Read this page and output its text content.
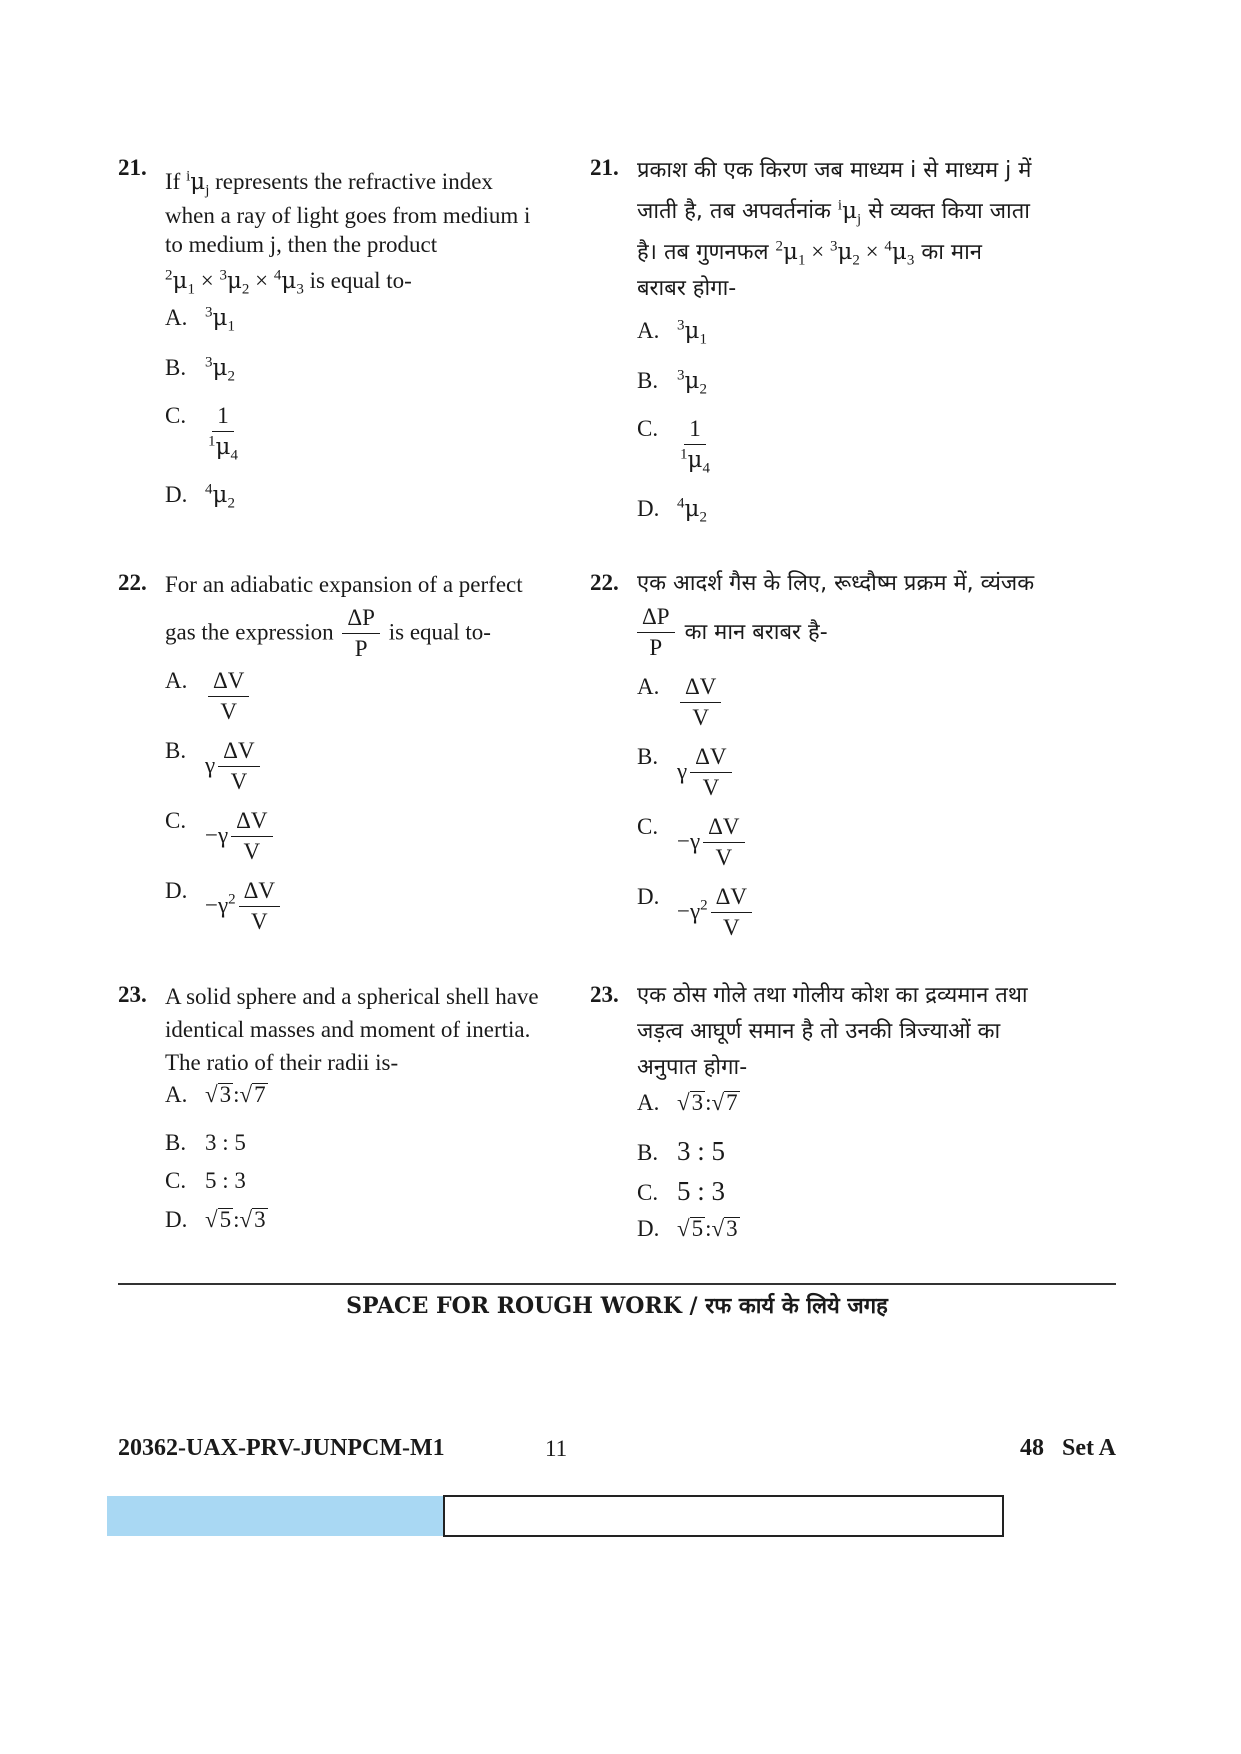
21.
If $^i\mu_j$ represents the refractive index
when a ray of light goes from medium i
to medium j, then the product
$^2\mu_1 \times ^3\mu_2 \times ^4\mu_3$ is equal to-
A. $^3\mu_1$
B. $^3\mu_2$
C. $\frac{1}{^1\mu_4}$
D. $^4\mu_2$
21. प्रकाश की एक किरण जब माध्यम i से माध्यम j में
जाती है, तब अपवर्तनांक $^i\mu_j$ से व्यक्त किया जाता
है। तब गुणनफल $^2\mu_1 \times ^3\mu_2 \times ^4\mu_3$ का मान
बराबर होगा-
A. $^3\mu_1$
B. $^3\mu_2$
C. $\frac{1}{^1\mu_4}$
D. $^4\mu_2$
22. For an adiabatic expansion of a perfect
gas the expression $\frac{\Delta P}{P}$ is equal to-
A. $\frac{\Delta V}{V}$
$B.\gamma \frac{\Delta V}{V}$
$C.-\gamma \frac{\Delta V}{V}$
$D.-\gamma^2 \frac{\Delta V}{V}$
22. एक आदर्श गैस के लिए, रूध्दौष्म प्रक्रम में, व्यंजक
$\frac{\Delta P}{P}$ का मान बराबर है-
A. $\frac{\Delta V}{V}$
$B.\gamma \frac{\Delta V}{V}$
$C.-\gamma \frac{\Delta V}{V}$
$D.-\gamma^2 \frac{\Delta V}{V}$
23. A solid sphere and a spherical shell have
identical masses and moment of inertia.
The ratio of their radii is-
A. √3:√7
B. 3 : 5
C. 5 : 3
D. √5:√3
23. एक ठोस गोले तथा गोलीय कोश का द्रव्यमान तथा
जड़त्व आघूर्ण समान है तो उनकी त्रिज्याओं का
अनुपात होगा-
A. √3:√7
B. 3 : 5
C. 5 : 3
D. √5:√3
SPACE FOR ROUGH WORK / रफ कार्य के लिये जगह
20362-UAX-PRV-JUNPCM-M1	11	48   Set A
